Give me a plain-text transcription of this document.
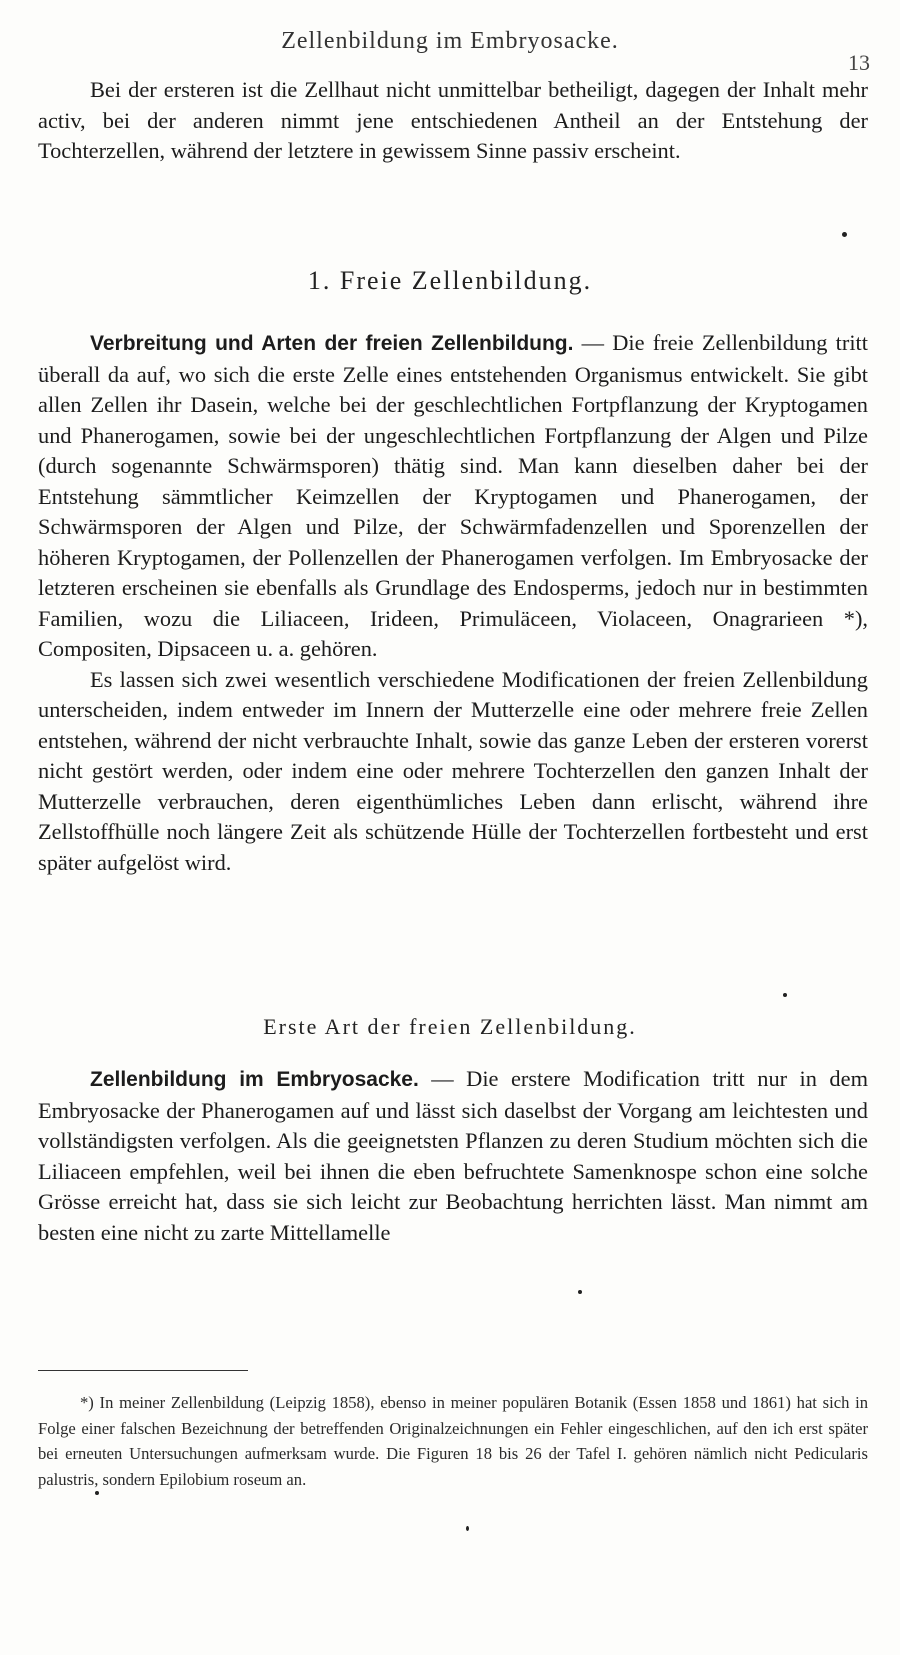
Zellenbildung im Embryosacke.
13

Bei der ersteren ist die Zellhaut nicht unmittelbar betheiligt, dagegen der Inhalt mehr activ, bei der anderen nimmt jene entschiedenen Antheil an der Entstehung der Tochterzellen, während der letztere in gewissem Sinne passiv erscheint.

1. Freie Zellenbildung.

Verbreitung und Arten der freien Zellenbildung. — Die freie Zellenbildung tritt überall da auf, wo sich die erste Zelle eines entstehenden Organismus entwickelt. Sie gibt allen Zellen ihr Dasein, welche bei der geschlechtlichen Fortpflanzung der Kryptogamen und Phanerogamen, sowie bei der ungeschlechtlichen Fortpflanzung der Algen und Pilze (durch sogenannte Schwärmsporen) thätig sind. Man kann dieselben daher bei der Entstehung sämmtlicher Keimzellen der Kryptogamen und Phanerogamen, der Schwärmsporen der Algen und Pilze, der Schwärmfadenzellen und Sporenzellen der höheren Kryptogamen, der Pollenzellen der Phanerogamen verfolgen. Im Embryosacke der letzteren erscheinen sie ebenfalls als Grundlage des Endosperms, jedoch nur in bestimmten Familien, wozu die Liliaceen, Irideen, Primuläceen, Violaceen, Onagrarieen *), Compositen, Dipsaceen u. a. gehören.

Es lassen sich zwei wesentlich verschiedene Modificationen der freien Zellenbildung unterscheiden, indem entweder im Innern der Mutterzelle eine oder mehrere freie Zellen entstehen, während der nicht verbrauchte Inhalt, sowie das ganze Leben der ersteren vorerst nicht gestört werden, oder indem eine oder mehrere Tochterzellen den ganzen Inhalt der Mutterzelle verbrauchen, deren eigenthümliches Leben dann erlischt, während ihre Zellstoffhülle noch längere Zeit als schützende Hülle der Tochterzellen fortbesteht und erst später aufgelöst wird.

Erste Art der freien Zellenbildung.

Zellenbildung im Embryosacke. — Die erstere Modification tritt nur in dem Embryosacke der Phanerogamen auf und lässt sich daselbst der Vorgang am leichtesten und vollständigsten verfolgen. Als die geeignetsten Pflanzen zu deren Studium möchten sich die Liliaceen empfehlen, weil bei ihnen die eben befruchtete Samenknospe schon eine solche Grösse erreicht hat, dass sie sich leicht zur Beobachtung herrichten lässt. Man nimmt am besten eine nicht zu zarte Mittellamelle

*) In meiner Zellenbildung (Leipzig 1858), ebenso in meiner populären Botanik (Essen 1858 und 1861) hat sich in Folge einer falschen Bezeichnung der betreffenden Originalzeichnungen ein Fehler eingeschlichen, auf den ich erst später bei erneuten Untersuchungen aufmerksam wurde. Die Figuren 18 bis 26 der Tafel I. gehören nämlich nicht Pedicularis palustris, sondern Epilobium roseum an.
